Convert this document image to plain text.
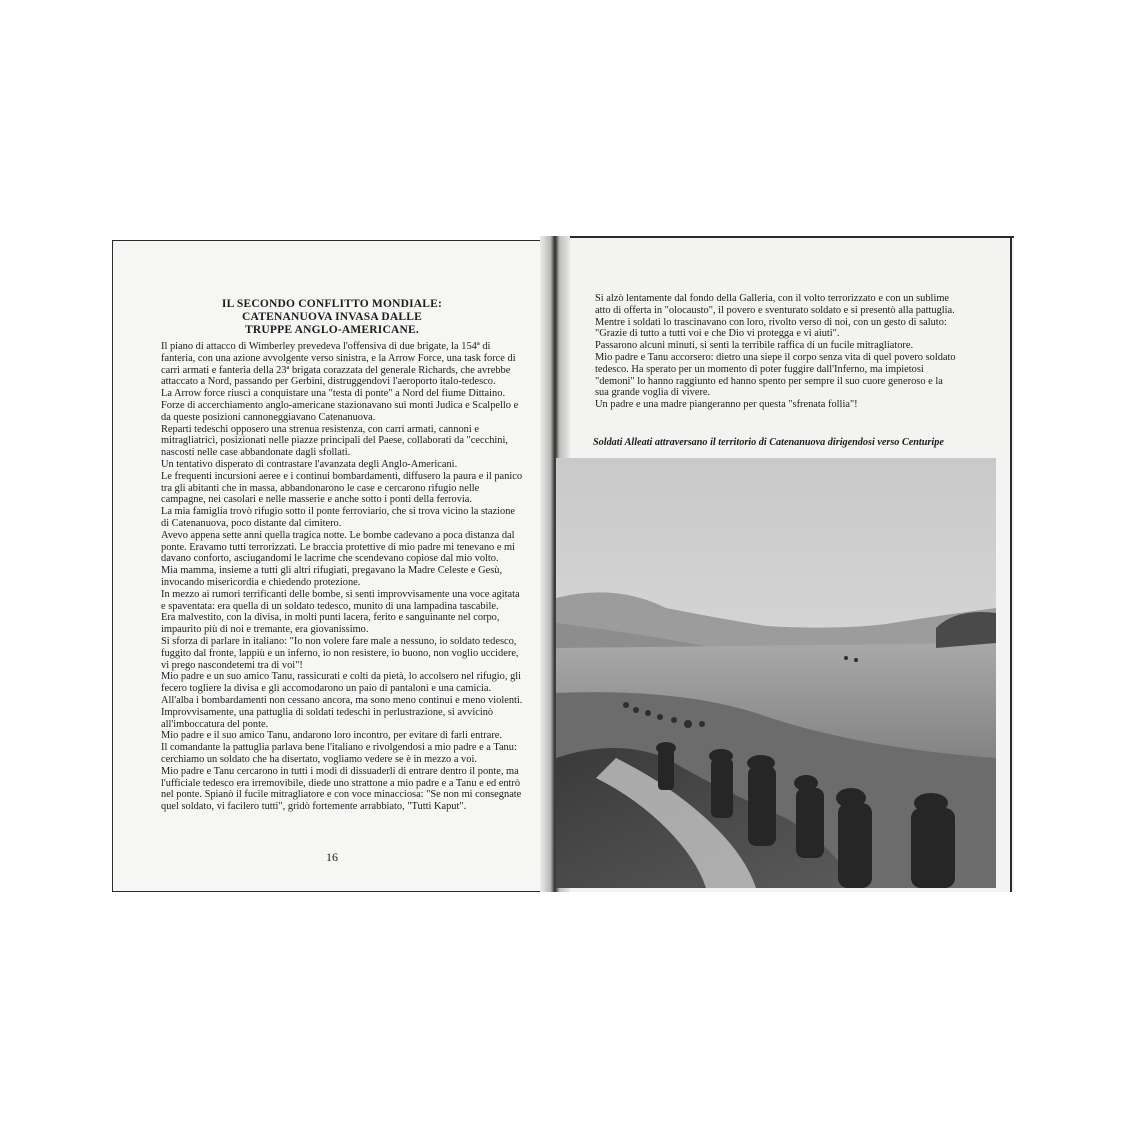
IL SECONDO CONFLITTO MONDIALE:
CATENANUOVA INVASA DALLE
TRUPPE ANGLO-AMERICANE.
16
Il piano di attacco di Wimberley prevedeva l'offensiva di due brigate, la 154ª di
fanteria, con una azione avvolgente verso sinistra, e la Arrow Force, una task force di
carri armati e fanteria della 23ª brigata corazzata del generale Richards, che avrebbe
attaccato a Nord, passando per Gerbini, distruggendovi l'aeroporto italo-tedesco.
La Arrow force riuscì a conquistare una "testa di ponte" a Nord del fiume Dittaino.
Forze di accerchiamento anglo-americane stazionavano sui monti Judica e Scalpello e
da queste posizioni cannoneggiavano Catenanuova.
Reparti tedeschi opposero una strenua resistenza, con carri armati, cannoni e
mitragliatrici, posizionati nelle piazze principali del Paese, collaborati da "cecchini,
nascosti nelle case abbandonate dagli sfollati.
Un tentativo disperato di contrastare l'avanzata degli Anglo-Americani.
Le frequenti incursioni aeree e i continui bombardamenti, diffusero la paura e il panico
tra gli abitanti che in massa, abbandonarono le case e cercarono rifugio nelle
campagne, nei casolari e nelle masserie e anche sotto i ponti della ferrovia.
La mia famiglia trovò rifugio sotto il ponte ferroviario, che si trova vicino la stazione
di Catenanuova, poco distante dal cimitero.
Avevo appena sette anni quella tragica notte. Le bombe cadevano a poca distanza dal
ponte. Eravamo tutti terrorizzati. Le braccia protettive di mio padre mi tenevano e mi
davano conforto, asciugandomi le lacrime che scendevano copiose dal mio volto.
Mia mamma, insieme a tutti gli altri rifugiati, pregavano la Madre Celeste e Gesù,
invocando misericordia e chiedendo protezione.
In mezzo ai rumori terrificanti delle bombe, si sentì improvvisamente una voce agitata
e spaventata: era quella di un soldato tedesco, munito di una lampadina tascabile.
Era malvestito, con la divisa, in molti punti lacera, ferito e sanguinante nel corpo,
impaurito più di noi e tremante, era giovanissimo.
Si sforza di parlare in italiano: "Io non volere fare male a nessuno, io soldato tedesco,
fuggito dal fronte, lappiù e un inferno, io non resistere, io buono, non voglio uccidere,
vi prego nascondetemi tra di voi"!
Mio padre e un suo amico Tanu, rassicurati e colti da pietà, lo accolsero nel rifugio, gli
fecero togliere la divisa e gli accomodarono un paio di pantaloni e una camicia.
All'alba i bombardamenti non cessano ancora, ma sono meno continui e meno violenti.
Improvvisamente, una pattuglia di soldati tedeschi in perlustrazione, si avvicinò
all'imboccatura del ponte.
Mio padre e il suo amico Tanu, andarono loro incontro, per evitare di farli entrare.
Il comandante la pattuglia parlava bene l'italiano e rivolgendosi a mio padre e a Tanu:
cerchiamo un soldato che ha disertato, vogliamo vedere se è in mezzo a voi.
Mio padre e Tanu cercarono in tutti i modi di dissuaderli di entrare dentro il ponte, ma
l'ufficiale tedesco era irremovibile, diede uno strattone a mio padre e a Tanu e ed entrò
nel ponte. Spianò il fucile mitragliatore e con voce minacciosa: "Se non mi consegnate
quel soldato, vi facilero tutti", gridò fortemente arrabbiato, "Tutti Kaput".
Si alzò lentamente dal fondo della Galleria, con il volto terrorizzato e con un sublime
atto di offerta in "olocausto", il povero e sventurato soldato e si presentò alla pattuglia.
Mentre i soldati lo trascinavano con loro, rivolto verso di noi, con un gesto di saluto:
"Grazie di tutto a tutti voi e che Dio vi protegga e vi aiuti".
Passarono alcuni minuti, si sentì la terribile raffica di un fucile mitragliatore.
Mio padre e Tanu accorsero: dietro una siepe il corpo senza vita di quel povero soldato
tedesco. Ha sperato per un momento di poter fuggire dall'Inferno, ma impietosi
"demoni" lo hanno raggiunto ed hanno spento per sempre il suo cuore generoso e la
sua grande voglia di vivere.
Un padre e una madre piangeranno per questa "sfrenata follia"!
Soldati Alleati attraversano il territorio di Catenanuova dirigendosi verso Centuripe
